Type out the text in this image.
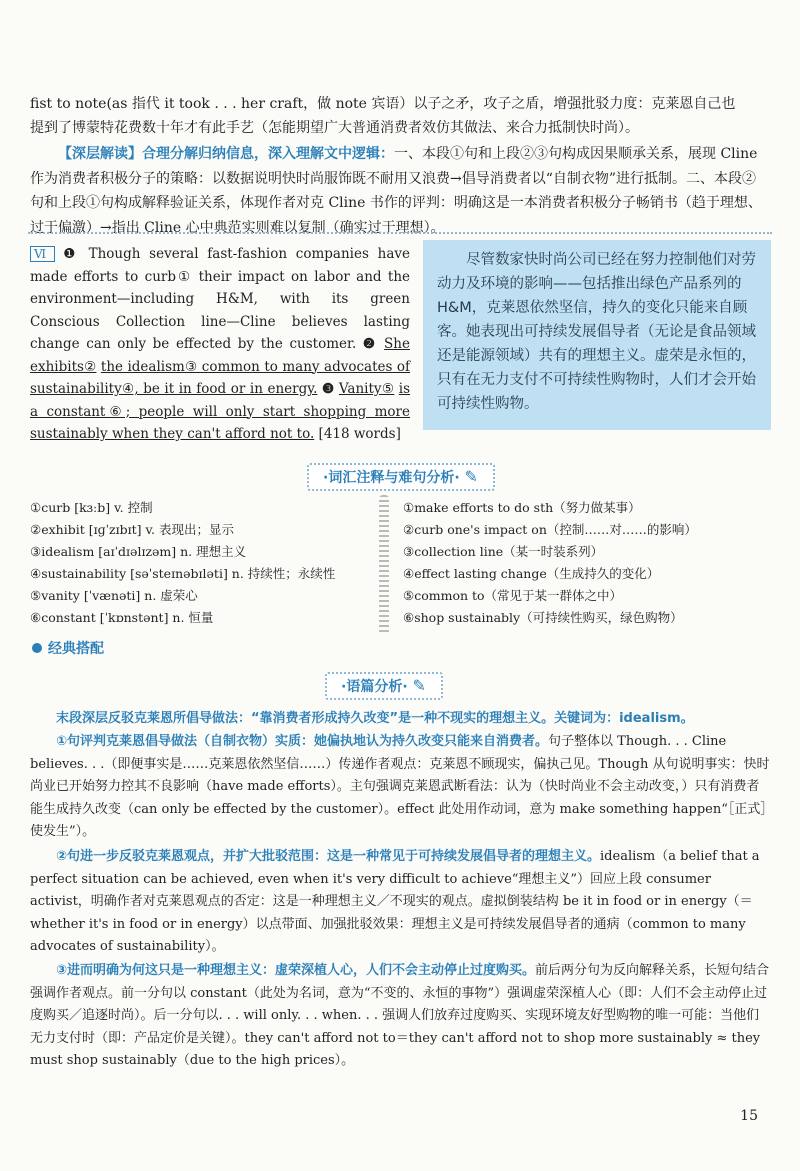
fist to note(as 指代 it took . . . her craft，做 note 宾语）以子之矛，攻子之盾，增强批驳力度：克莱恩自己也
提到了博蒙特花费数十年才有此手艺（怎能期望广大普通消费者效仿其做法、来合力抵制快时尚）。
【深层解读】合理分解归纳信息，深入理解文中逻辑：一、本段①句和上段②③句构成因果顺承关系，展现 Cline 作为消费者积极分子的策略：以数据说明快时尚服饰既不耐用又浪费→倡导消费者以“自制衣物”进行抵制。二、本段②句和上段①句构成解释验证关系，体现作者对克 Cline 书作的评判：明确这是一本消费者积极分子畅销书（趋于理想、过于偏激）→指出 Cline 心中典范实则难以复制（确实过于理想）。
Ⅵ ❶ Though several fast-fashion companies have made efforts to curb① their impact on labor and the environment—including H&M, with its green Conscious Collection line—Cline believes lasting change can only be effected by the customer. ❷ She exhibits② the idealism③ common to many advocates of sustainability④, be it in food or in energy. ❸ Vanity⑤ is a constant⑥; people will only start shopping more sustainably when they can't afford not to. [418 words]
尽管数家快时尚公司已经在努力控制他们对劳动力及环境的影响——包括推出绿色产品系列的 H&M，克莱恩依然坚信，持久的变化只能来自顾客。她表现出可持续发展倡导者（无论是食品领域还是能源领域）共有的理想主义。虚荣是永恒的，只有在无力支付不可持续性购物时，人们才会开始可持续性购物。
·词汇注释与难句分析· ✎
①curb [kɜːb] v. 控制
②exhibit [ɪɡˈzɪbɪt] v. 表现出；显示
③idealism [aɪˈdɪəlɪzəm] n. 理想主义
④sustainability [səˈsteɪnəbɪləti] n. 持续性；永续性
⑤vanity [ˈvænəti] n. 虚荣心
⑥constant [ˈkɒnstənt] n. 恒量
①make efforts to do sth（努力做某事）
②curb one's impact on（控制……对……的影响）
③collection line（某一时装系列）
④effect lasting change（生成持久的变化）
⑤common to（常见于某一群体之中）
⑥shop sustainably（可持续性购买，绿色购物）
经典搭配
·语篇分析· ✎
末段深层反驳克莱恩所倡导做法：“靠消费者形成持久改变”是一种不现实的理想主义。关键词为：idealism。
①句评判克莱恩倡导做法（自制衣物）实质：她偏执地认为持久改变只能来自消费者。句子整体以 Though. . . Cline believes. . .（即便事实是……克莱恩依然坚信……）传递作者观点：克莱恩不顾现实，偏执己见。Though 从句说明事实：快时尚业已开始努力控其不良影响（have made efforts）。主句强调克莱恩武断看法：认为（快时尚业不会主动改变，）只有消费者能生成持久改变（can only be effected by the customer）。effect 此处用作动词，意为 make something happen“［正式］使发生”）。
②句进一步反驳克莱恩观点，并扩大批驳范围：这是一种常见于可持续发展倡导者的理想主义。idealism（a belief that a perfect situation can be achieved, even when it's very difficult to achieve“理想主义”）回应上段 consumer activist，明确作者对克莱恩观点的否定：这是一种理想主义／不现实的观点。虚拟倒装结构 be it in food or in energy（＝whether it's in food or in energy）以点带面、加强批驳效果：理想主义是可持续发展倡导者的通病（common to many advocates of sustainability）。
③进而明确为何这只是一种理想主义：虚荣深植人心，人们不会主动停止过度购买。前后两分句为反向解释关系，长短句结合强调作者观点。前一分句以 constant（此处为名词，意为“不变的、永恒的事物”）强调虚荣深植人心（即：人们不会主动停止过度购买／追逐时尚）。后一分句以. . . will only. . . when. . . 强调人们放弃过度购买、实现环境友好型购物的唯一可能：当他们无力支付时（即：产品定价是关键）。they can't afford not to＝they can't afford not to shop more sustainably ≈ they must shop sustainably（due to the high prices）。
15
